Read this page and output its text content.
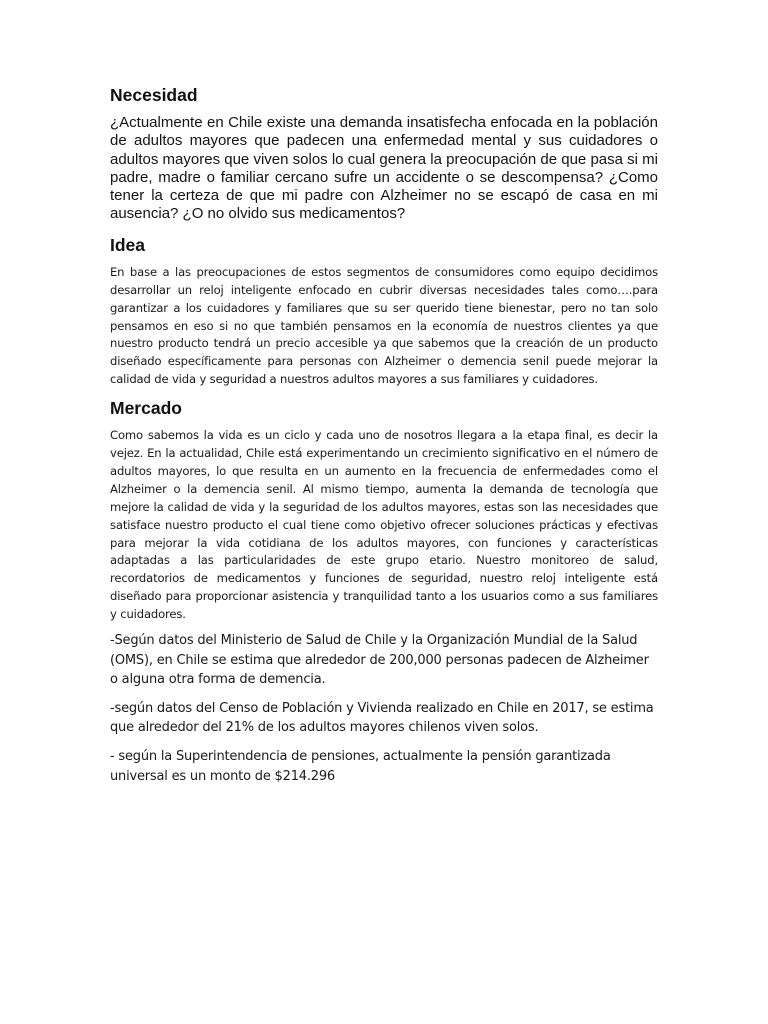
Necesidad

¿Actualmente en Chile existe una demanda insatisfecha enfocada en la población de adultos mayores que padecen una enfermedad mental y sus cuidadores o adultos mayores que viven solos lo cual genera la preocupación de que pasa si mi padre, madre o familiar cercano sufre un accidente o se descompensa? ¿Como tener la certeza de que mi padre con Alzheimer no se escapó de casa en mi ausencia? ¿O no olvido sus medicamentos?

Idea

En base a las preocupaciones de estos segmentos de consumidores como equipo decidimos desarrollar un reloj inteligente enfocado en cubrir diversas necesidades tales como….para garantizar a los cuidadores y familiares que su ser querido tiene bienestar, pero no tan solo pensamos en eso si no que también pensamos en la economía de nuestros clientes ya que nuestro producto tendrá un precio accesible ya que sabemos que la creación de un producto diseñado específicamente para personas con Alzheimer o demencia senil puede mejorar la calidad de vida y seguridad a nuestros adultos mayores a sus familiares y cuidadores.

Mercado

Como sabemos la vida es un ciclo y cada uno de nosotros llegara a la etapa final, es decir la vejez. En la actualidad, Chile está experimentando un crecimiento significativo en el número de adultos mayores, lo que resulta en un aumento en la frecuencia de enfermedades como el Alzheimer o la demencia senil. Al mismo tiempo, aumenta la demanda de tecnología que mejore la calidad de vida y la seguridad de los adultos mayores, estas son las necesidades que satisface nuestro producto el cual tiene como objetivo ofrecer soluciones prácticas y efectivas para mejorar la vida cotidiana de los adultos mayores, con funciones y características adaptadas a las particularidades de este grupo etario. Nuestro monitoreo de salud, recordatorios de medicamentos y funciones de seguridad, nuestro reloj inteligente está diseñado para proporcionar asistencia y tranquilidad tanto a los usuarios como a sus familiares y cuidadores.

-Según datos del Ministerio de Salud de Chile y la Organización Mundial de la Salud (OMS), en Chile se estima que alrededor de 200,000 personas padecen de Alzheimer o alguna otra forma de demencia.

-según datos del Censo de Población y Vivienda realizado en Chile en 2017, se estima que alrededor del 21% de los adultos mayores chilenos viven solos.

- según la Superintendencia de pensiones, actualmente la pensión garantizada universal es un monto de $214.296
